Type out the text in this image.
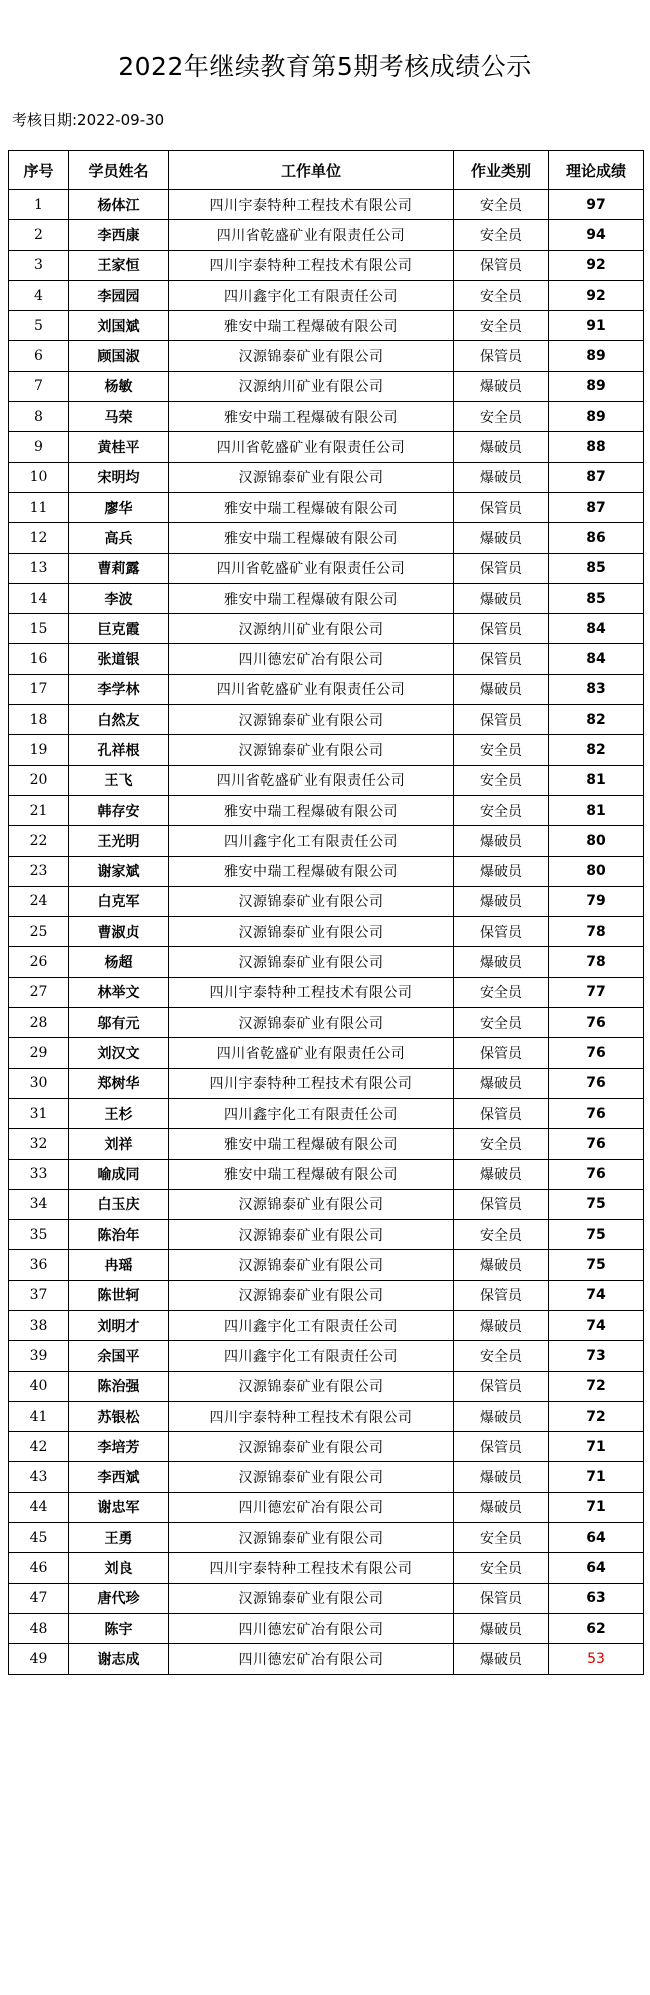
2022年继续教育第5期考核成绩公示
考核日期:2022-09-30
序号	学员姓名	工作单位	作业类别	理论成绩
1	杨体江	四川宇泰特种工程技术有限公司	安全员	97
2	李西康	四川省乾盛矿业有限责任公司	安全员	94
3	王家恒	四川宇泰特种工程技术有限公司	保管员	92
4	李园园	四川鑫宇化工有限责任公司	安全员	92
5	刘国斌	雅安中瑞工程爆破有限公司	安全员	91
6	顾国淑	汉源锦泰矿业有限公司	保管员	89
7	杨敏	汉源纳川矿业有限公司	爆破员	89
8	马荣	雅安中瑞工程爆破有限公司	安全员	89
9	黄桂平	四川省乾盛矿业有限责任公司	爆破员	88
10	宋明均	汉源锦泰矿业有限公司	爆破员	87
11	廖华	雅安中瑞工程爆破有限公司	保管员	87
12	高兵	雅安中瑞工程爆破有限公司	爆破员	86
13	曹莉露	四川省乾盛矿业有限责任公司	保管员	85
14	李波	雅安中瑞工程爆破有限公司	爆破员	85
15	巨克霞	汉源纳川矿业有限公司	保管员	84
16	张道银	四川德宏矿冶有限公司	保管员	84
17	李学林	四川省乾盛矿业有限责任公司	爆破员	83
18	白然友	汉源锦泰矿业有限公司	保管员	82
19	孔祥根	汉源锦泰矿业有限公司	安全员	82
20	王飞	四川省乾盛矿业有限责任公司	安全员	81
21	韩存安	雅安中瑞工程爆破有限公司	安全员	81
22	王光明	四川鑫宇化工有限责任公司	爆破员	80
23	谢家斌	雅安中瑞工程爆破有限公司	爆破员	80
24	白克军	汉源锦泰矿业有限公司	爆破员	79
25	曹淑贞	汉源锦泰矿业有限公司	保管员	78
26	杨超	汉源锦泰矿业有限公司	爆破员	78
27	林举文	四川宇泰特种工程技术有限公司	安全员	77
28	邬有元	汉源锦泰矿业有限公司	安全员	76
29	刘汉文	四川省乾盛矿业有限责任公司	保管员	76
30	郑树华	四川宇泰特种工程技术有限公司	爆破员	76
31	王杉	四川鑫宇化工有限责任公司	保管员	76
32	刘祥	雅安中瑞工程爆破有限公司	安全员	76
33	喻成同	雅安中瑞工程爆破有限公司	爆破员	76
34	白玉庆	汉源锦泰矿业有限公司	保管员	75
35	陈治年	汉源锦泰矿业有限公司	安全员	75
36	冉瑶	汉源锦泰矿业有限公司	爆破员	75
37	陈世轲	汉源锦泰矿业有限公司	保管员	74
38	刘明才	四川鑫宇化工有限责任公司	爆破员	74
39	余国平	四川鑫宇化工有限责任公司	安全员	73
40	陈治强	汉源锦泰矿业有限公司	保管员	72
41	苏银松	四川宇泰特种工程技术有限公司	爆破员	72
42	李培芳	汉源锦泰矿业有限公司	保管员	71
43	李西斌	汉源锦泰矿业有限公司	爆破员	71
44	谢忠军	四川德宏矿冶有限公司	爆破员	71
45	王勇	汉源锦泰矿业有限公司	安全员	64
46	刘良	四川宇泰特种工程技术有限公司	安全员	64
47	唐代珍	汉源锦泰矿业有限公司	保管员	63
48	陈宇	四川德宏矿冶有限公司	爆破员	62
49	谢志成	四川德宏矿冶有限公司	爆破员	53
